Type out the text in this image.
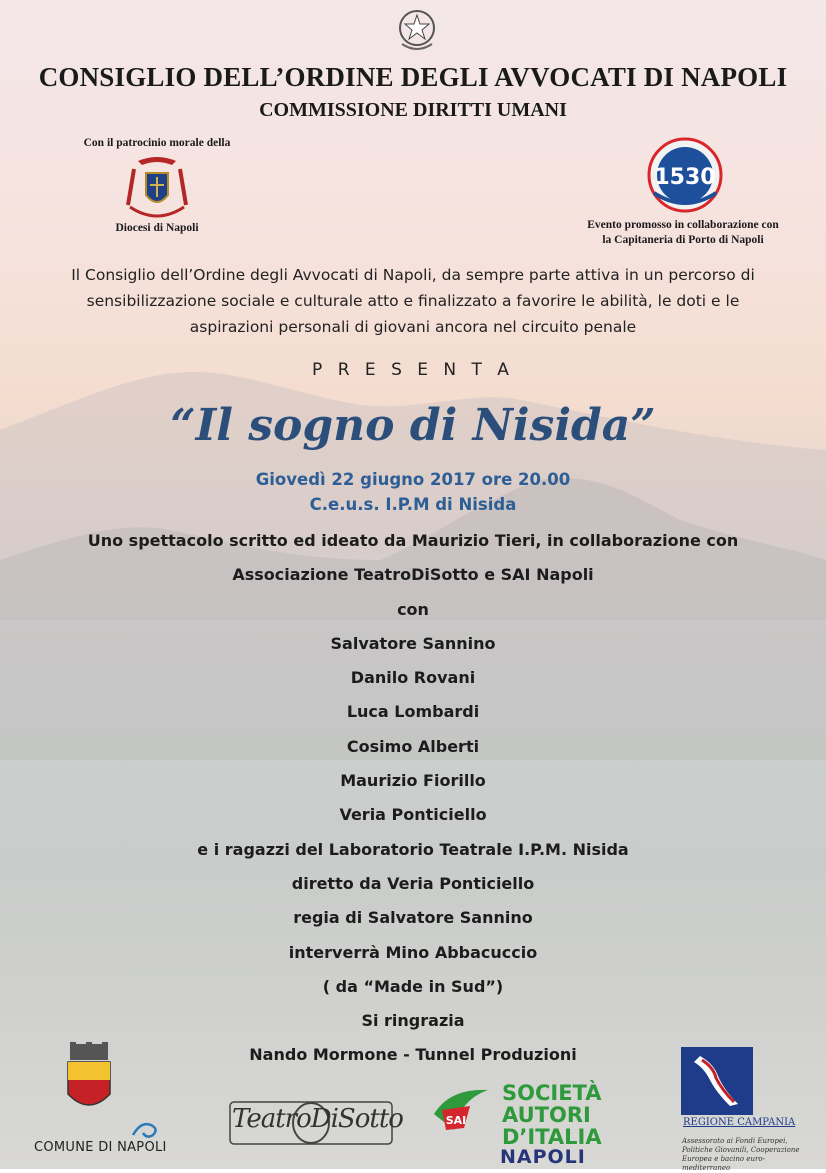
CONSIGLIO DELL’ORDINE DEGLI AVVOCATI DI NAPOLI
COMMISSIONE DIRITTI UMANI
Con il patrocinio morale della
Diocesi di Napoli
1530
Evento promosso in collaborazione con
la Capitaneria di Porto di Napoli
Il Consiglio dell’Ordine degli Avvocati di Napoli, da sempre parte attiva in un percorso di
sensibilizzazione sociale e culturale atto e finalizzato a favorire le abilità, le doti e le
aspirazioni personali di giovani ancora nel circuito penale
P R E S E N T A
“Il sogno di Nisida”
Giovedì 22 giugno 2017 ore 20.00
C.e.u.s. I.P.M di Nisida
Uno spettacolo scritto ed ideato da Maurizio Tieri, in collaborazione con
Associazione TeatroDiSotto e SAI Napoli
con
Salvatore Sannino
Danilo Rovani
Luca Lombardi
Cosimo Alberti
Maurizio Fiorillo
Veria Ponticiello
e i ragazzi del Laboratorio Teatrale I.P.M. Nisida
diretto da Veria Ponticiello
regia di Salvatore Sannino
interverrà Mino Abbacuccio
( da “Made in Sud”)
Si ringrazia
Nando Mormone - Tunnel Produzioni
COMUNE DI NAPOLI
TeatroDiSotto	SAI
SOCIETÀ
AUTORI
D’ITALIA
NAPOLI
REGIONE CAMPANIA
Assessorato ai Fondi Europei, Politiche Giovanili, Cooperazione Europea e bacino euro-mediterraneo
